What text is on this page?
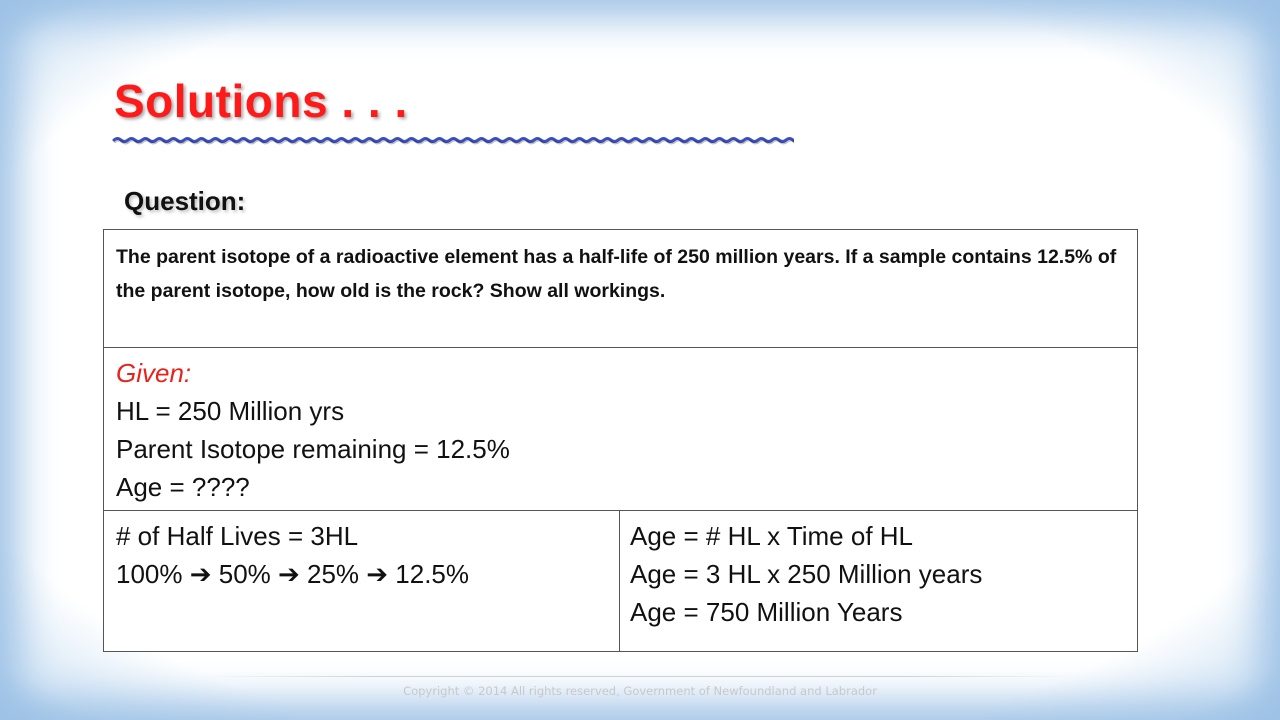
Solutions . . .
Question:
The parent isotope of a radioactive element has a half-life of 250 million years. If a sample contains 12.5% of the parent isotope, how old is the rock? Show all workings.
Given:
HL = 250 Million yrs
Parent Isotope remaining = 12.5%
Age = ????
# of Half Lives = 3HL
100% ➔ 50% ➔ 25% ➔ 12.5%
Age = # HL x Time of HL
Age = 3 HL x 250 Million years
Age = 750 Million Years
Copyright © 2014 All rights reserved, Government of Newfoundland and Labrador
